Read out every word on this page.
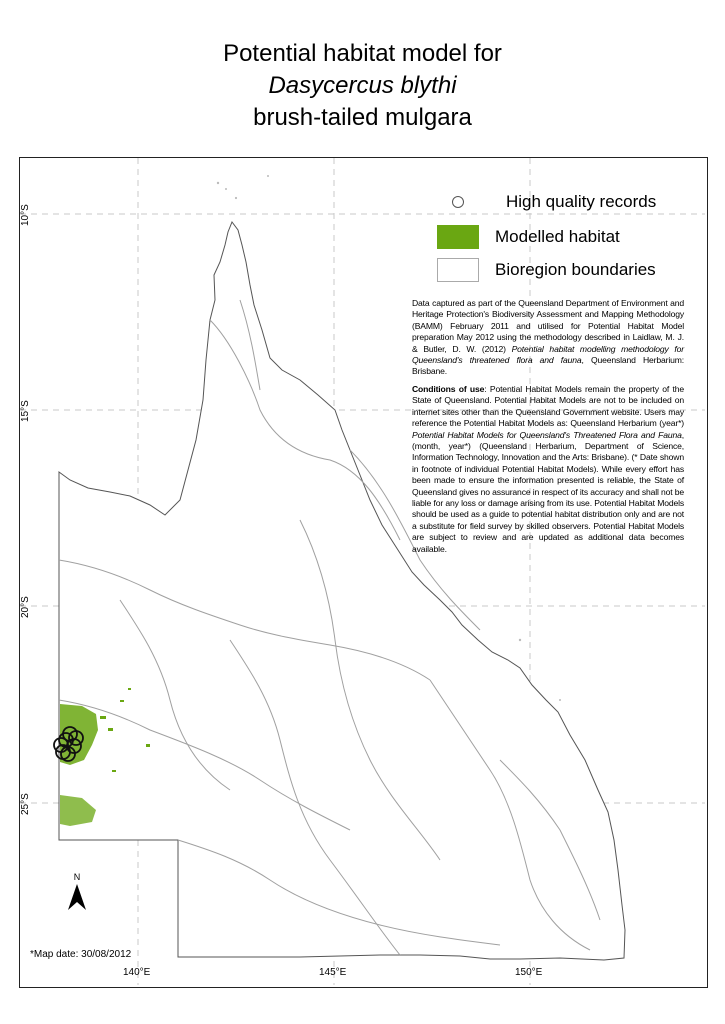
Potential habitat model for
Dasycercus blythi
brush-tailed mulgara
High quality records
Modelled habitat
Bioregion boundaries
Data captured as part of the Queensland Department of Environment and Heritage Protection's Biodiversity Assessment and Mapping Methodology (BAMM) February 2011 and utilised for Potential Habitat Model preparation May 2012 using the methodology described in Laidlaw, M. J. & Butler, D. W. (2012) Potential habitat modelling methodology for Queensland's threatened flora and fauna, Queensland Herbarium: Brisbane.
Conditions of use: Potential Habitat Models remain the property of the State of Queensland. Potential Habitat Models are not to be included on internet sites other than the Queensland Government website. Users may reference the Potential Habitat Models as: Queensland Herbarium (year*) Potential Habitat Models for Queensland's Threatened Flora and Fauna, (month, year*) (Queensland Herbarium, Department of Science, Information Technology, Innovation and the Arts: Brisbane). (* Date shown in footnote of individual Potential Habitat Models). While every effort has been made to ensure the information presented is reliable, the State of Queensland gives no assurance in respect of its accuracy and shall not be liable for any loss or damage arising from its use. Potential Habitat Models should be used as a guide to potential habitat distribution only and are not a substitute for field survey by skilled observers. Potential Habitat Models are subject to review and are updated as additional data becomes available.
10°S
15°S
20°S
25°S
140°E	145°E	150°E
N
*Map date: 30/08/2012
